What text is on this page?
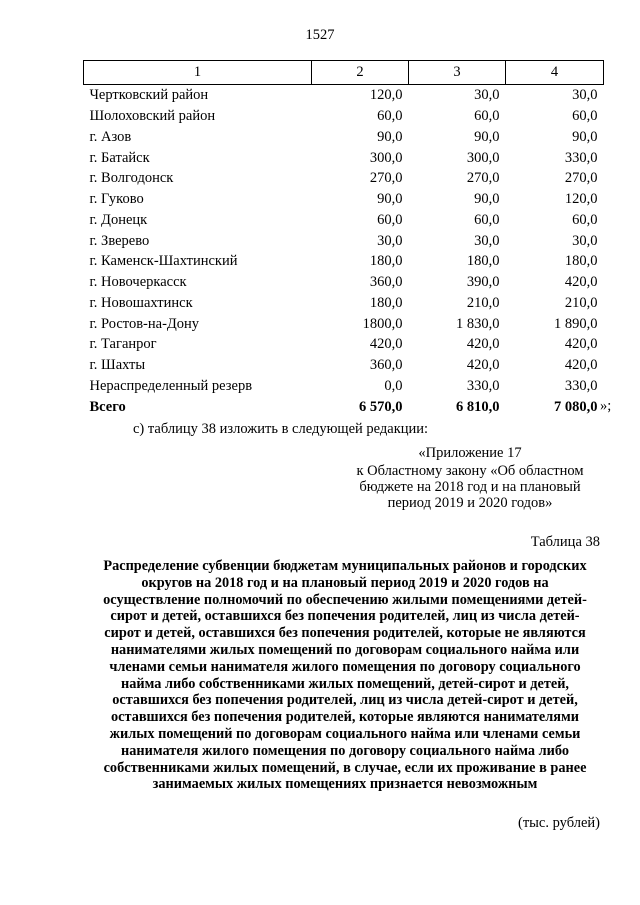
1527
1	2	3	4
Чертковский район	120,0	30,0	30,0
Шолоховский район	60,0	60,0	60,0
г. Азов	90,0	90,0	90,0
г. Батайск	300,0	300,0	330,0
г. Волгодонск	270,0	270,0	270,0
г. Гуково	90,0	90,0	120,0
г. Донецк	60,0	60,0	60,0
г. Зверево	30,0	30,0	30,0
г. Каменск-Шахтинский	180,0	180,0	180,0
г. Новочеркасск	360,0	390,0	420,0
г. Новошахтинск	180,0	210,0	210,0
г. Ростов-на-Дону	1800,0	1 830,0	1 890,0
г. Таганрог	420,0	420,0	420,0
г. Шахты	360,0	420,0	420,0
Нераспределенный резерв	0,0	330,0	330,0
Всего	6 570,0	6 810,0	7 080,0 »;
с) таблицу 38 изложить в следующей редакции:
«Приложение 17
к Областному закону «Об областном
бюджете на 2018 год и на плановый
период 2019 и 2020 годов»
Таблица 38
Распределение субвенции бюджетам муниципальных районов и городских
округов на 2018 год и на плановый период 2019 и 2020 годов на
осуществление полномочий по обеспечению жилыми помещениями детей-
сирот и детей, оставшихся без попечения родителей, лиц из числа детей-
сирот и детей, оставшихся без попечения родителей, которые не являются
нанимателями жилых помещений по договорам социального найма или
членами семьи нанимателя жилого помещения по договору социального
найма либо собственниками жилых помещений, детей-сирот и детей,
оставшихся без попечения родителей, лиц из числа детей-сирот и детей,
оставшихся без попечения родителей, которые являются нанимателями
жилых помещений по договорам социального найма или членами семьи
нанимателя жилого помещения по договору социального найма либо
собственниками жилых помещений, в случае, если их проживание в ранее
занимаемых жилых помещениях признается невозможным
(тыс. рублей)
